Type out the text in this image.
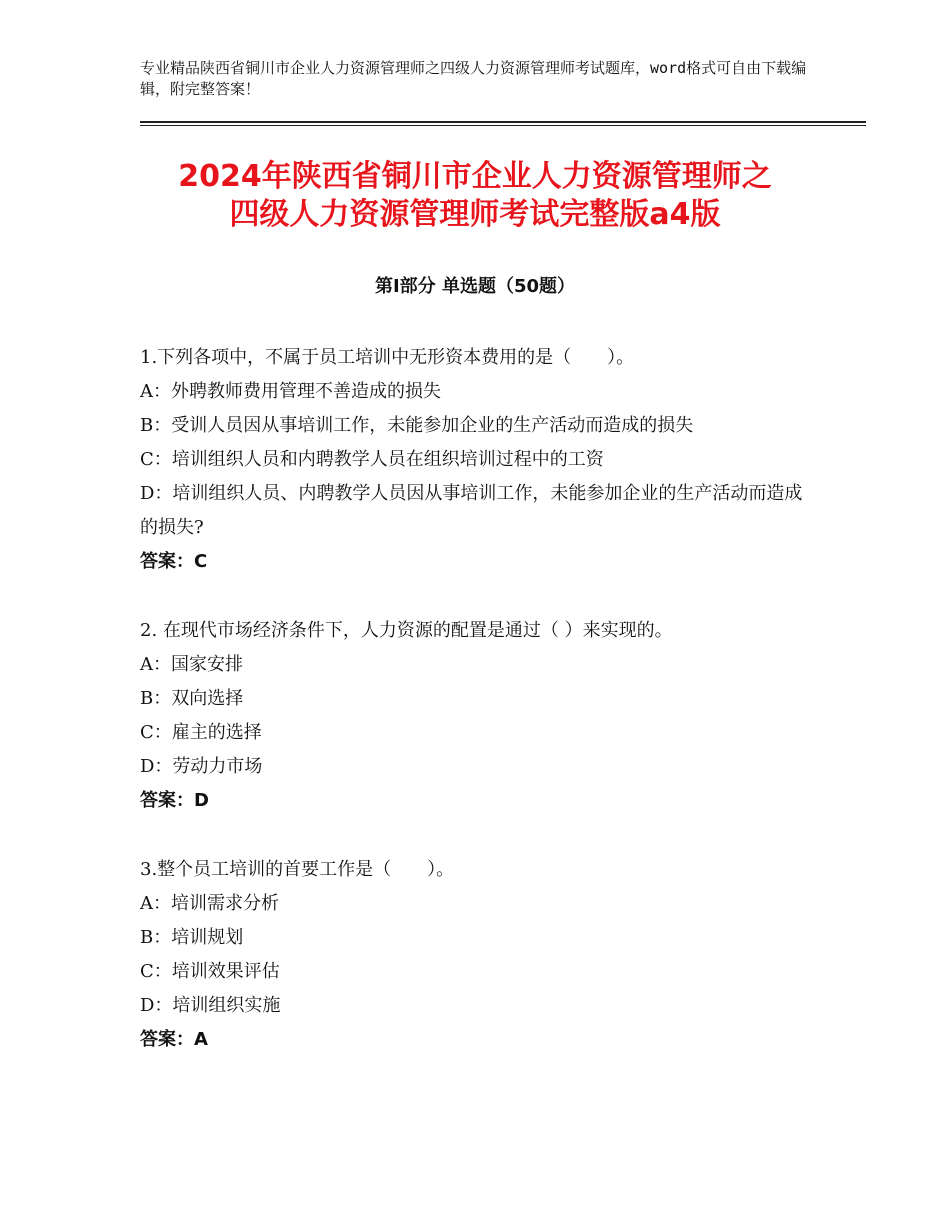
专业精品陕西省铜川市企业人力资源管理师之四级人力资源管理师考试题库，word格式可自由下载编辑，附完整答案！
2024年陕西省铜川市企业人力资源管理师之
四级人力资源管理师考试完整版a4版
第Ⅰ部分 单选题（50题）

1.下列各项中，不属于员工培训中无形资本费用的是（　　）。

A：外聘教师费用管理不善造成的损失

B：受训人员因从事培训工作，未能参加企业的生产活动而造成的损失

C：培训组织人员和内聘教学人员在组织培训过程中的工资

D：培训组织人员、内聘教学人员因从事培训工作，未能参加企业的生产活动而造成的损失?

答案：C

2. 在现代市场经济条件下，人力资源的配置是通过（ ）来实现的。

A：国家安排

B：双向选择

C：雇主的选择

D：劳动力市场

答案：D

3.整个员工培训的首要工作是（　　）。

A：培训需求分析

B：培训规划

C：培训效果评估

D：培训组织实施

答案：A
